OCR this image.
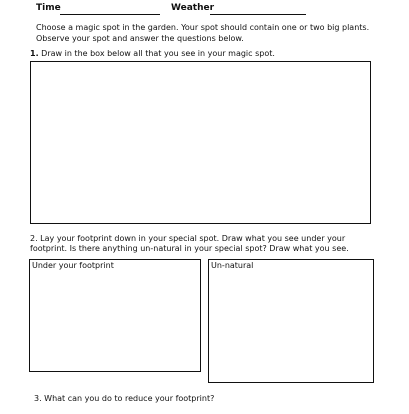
Time	Weather
Choose a magic spot in the garden. Your spot should contain one or two big plants.
Observe your spot and answer the questions below.
1. Draw in the box below all that you see in your magic spot.
2. Lay your footprint down in your special spot. Draw what you see under your
footprint. Is there anything un-natural in your special spot? Draw what you see.
Under your footprint	Un-natural
3. What can you do to reduce your footprint?
